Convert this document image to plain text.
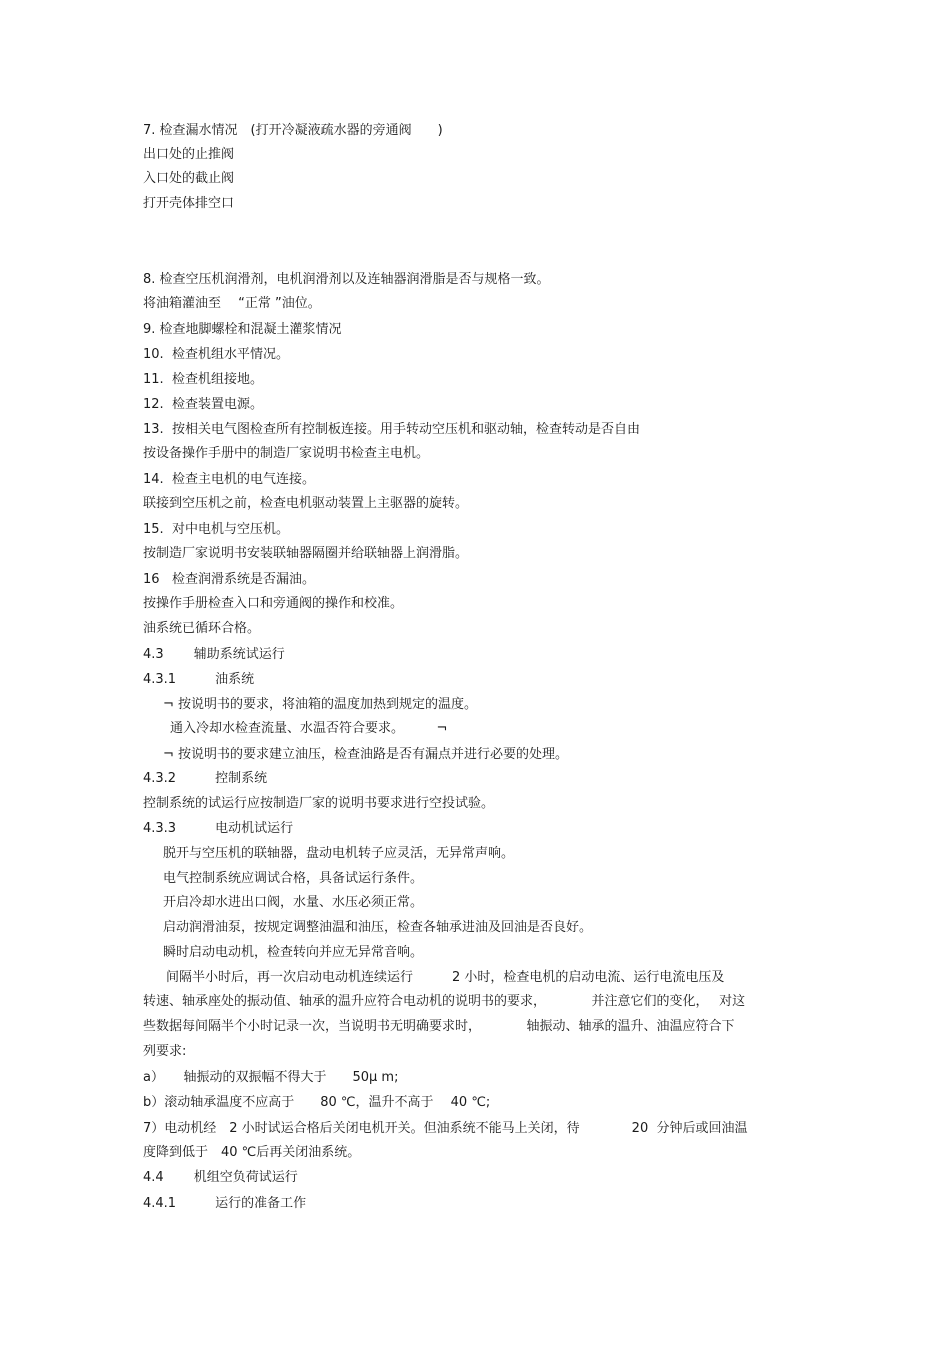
7. 检查漏水情况　(打开冷凝液疏水器的旁通阀　　)
出口处的止推阀
入口处的截止阀
打开壳体排空口
8. 检查空压机润滑剂，电机润滑剂以及连轴器润滑脂是否与规格一致。
将油箱灌油至　 “正常 ”油位。
9. 检查地脚螺栓和混凝土灌浆情况
10.  检查机组水平情况。
11.  检查机组接地。
12.  检查装置电源。
13.  按相关电气图检查所有控制板连接。用手转动空压机和驱动轴，检查转动是否自由
按设备操作手册中的制造厂家说明书检查主电机。
14.  检查主电机的电气连接。
联接到空压机之前，检查电机驱动装置上主驱器的旋转。
15.  对中电机与空压机。
按制造厂家说明书安装联轴器隔圈并给联轴器上润滑脂。
16   检查润滑系统是否漏油。
按操作手册检查入口和旁通阀的操作和校准。
油系统已循环合格。
4.3　　 辅助系统试运行
4.3.1　　　油系统
¬ 按说明书的要求，将油箱的温度加热到规定的温度。
通入冷却水检查流量、水温否符合要求。　　　¬
¬ 按说明书的要求建立油压，检查油路是否有漏点并进行必要的处理。
4.3.2　　　控制系统
控制系统的试运行应按制造厂家的说明书要求进行空投试验。
4.3.3　　　电动机试运行
脱开与空压机的联轴器，盘动电机转子应灵活，无异常声响。
电气控制系统应调试合格，具备试运行条件。
开启冷却水进出口阀，水量、水压必须正常。
启动润滑油泵，按规定调整油温和油压，检查各轴承进油及回油是否良好。
瞬时启动电动机，检查转向并应无异常音响。
间隔半小时后，再一次启动电动机连续运行　　　2 小时，检查电机的启动电流、运行电流电压及
转速、轴承座处的振动值、轴承的温升应符合电动机的说明书的要求，　　　　并注意它们的变化，　 对这
些数据每间隔半个小时记录一次，当说明书无明确要求时，　　　　轴振动、轴承的温升、油温应符合下
列要求:
a）　　轴振动的双振幅不得大于　　50μ m;
b）滚动轴承温度不应高于　　80 ℃，温升不高于　 40 ℃;
7）电动机经　2 小时试运合格后关闭电机开关。但油系统不能马上关闭，待　　　　20  分钟后或回油温
度降到低于　40 ℃后再关闭油系统。
4.4　　 机组空负荷试运行
4.4.1　　　运行的准备工作
